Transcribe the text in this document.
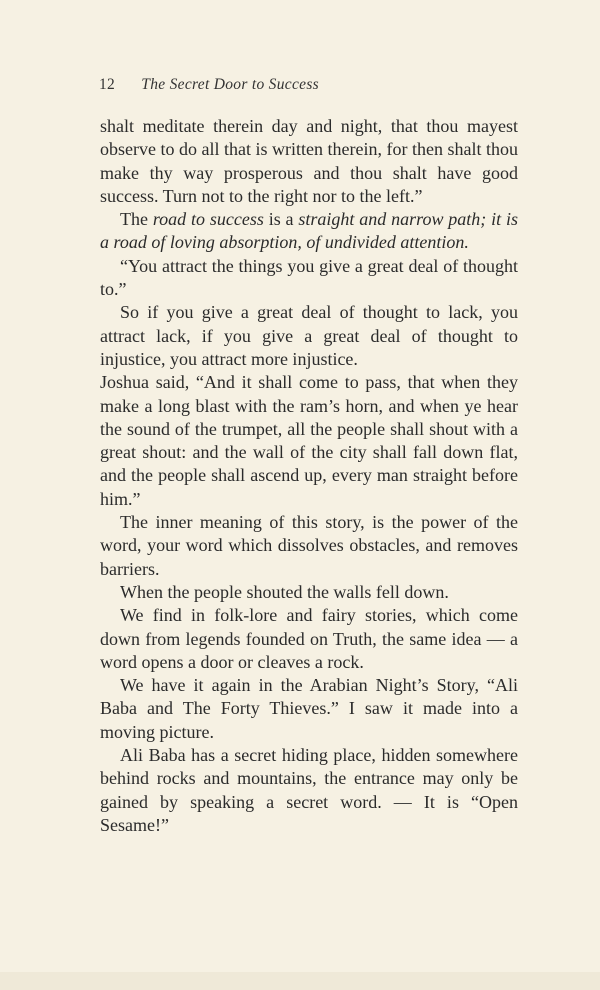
12 The Secret Door to Success

shalt meditate therein day and night, that thou mayest observe to do all that is written therein, for then shalt thou make thy way prosperous and thou shalt have good success. Turn not to the right nor to the left.”

The road to success is a straight and narrow path; it is a road of loving absorption, of undivided attention.

“You attract the things you give a great deal of thought to.”

So if you give a great deal of thought to lack, you attract lack, if you give a great deal of thought to injustice, you attract more injustice.

Joshua said, “And it shall come to pass, that when they make a long blast with the ram’s horn, and when ye hear the sound of the trumpet, all the people shall shout with a great shout: and the wall of the city shall fall down flat, and the people shall ascend up, every man straight before him.”

The inner meaning of this story, is the power of the word, your word which dissolves obstacles, and removes barriers.

When the people shouted the walls fell down.

We find in folk-lore and fairy stories, which come down from legends founded on Truth, the same idea — a word opens a door or cleaves a rock.

We have it again in the Arabian Night’s Story, “Ali Baba and The Forty Thieves.” I saw it made into a moving picture.

Ali Baba has a secret hiding place, hidden somewhere behind rocks and mountains, the entrance may only be gained by speaking a secret word. — It is “Open Sesame!”
